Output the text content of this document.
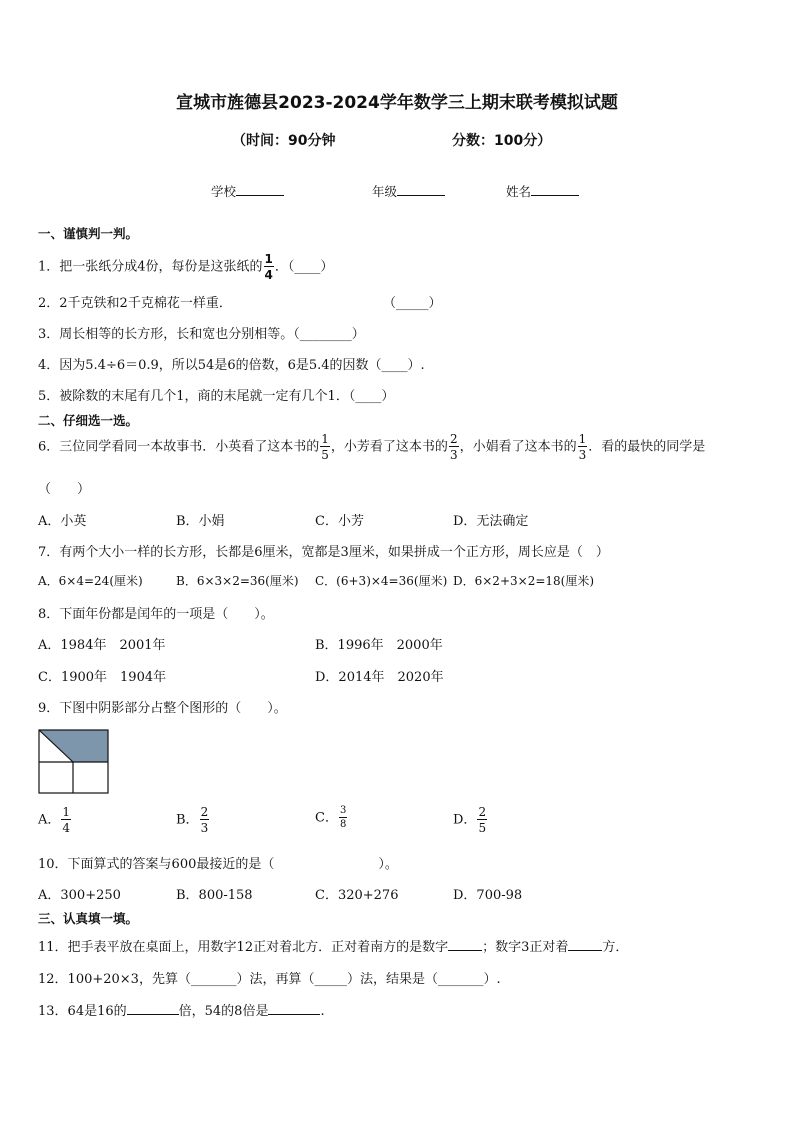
宣城市旌德县2023-2024学年数学三上期末联考模拟试题
（时间：90分钟	分数：100分）
学校	年级	姓名
一、谨慎判一判。
1．把一张纸分成4份，每份是这张纸的 $\frac{1}{4}$ ．（____）
2．2千克铁和2千克棉花一样重．	（_____）
3．周长相等的长方形，长和宽也分别相等。（________）
4．因为5.4÷6＝0.9，所以54是6的倍数，6是5.4的因数（____）.
5．被除数的末尾有几个1，商的末尾就一定有几个1．（____）
二、仔细选一选。
6．三位同学看同一本故事书．小英看了这本书的 $\frac{1}{5}$ ，小芳看了这本书的 $\frac{2}{3}$ ，小娟看了这本书的 $\frac{1}{3}$ ．看的最快的同学是
（　　）
A．小英	B．小娟	C．小芳	D．无法确定
7．有两个大小一样的长方形，长都是6厘米，宽都是3厘米，如果拼成一个正方形，周长应是（　）
A．6×4=24(厘米)	B．6×3×2=36(厘米) C．(6+3)×4=36(厘米) D．6×2+3×2=18(厘米)
8．下面年份都是闰年的一项是（　　）。
A．1984年　2001年	B．1996年　2000年
C．1900年　1904年	D．2014年　2020年
9．下图中阴影部分占整个图形的（　　）。
A． $\frac{1}{4}$	B． $\frac{2}{3}$	C． $\frac{3}{8}$	D． $\frac{2}{5}$
10．下面算式的答案与600最接近的是（	）。
A．300+250	B．800-158	C．320+276	D．700-98
三、认真填一填。
11．把手表平放在桌面上，用数字12正对着北方．正对着南方的是数字	；数字3正对着	方．
12．100+20×3，先算（_______）法，再算（_____）法，结果是（_______）.
13．64是16的	倍，54的8倍是	.
